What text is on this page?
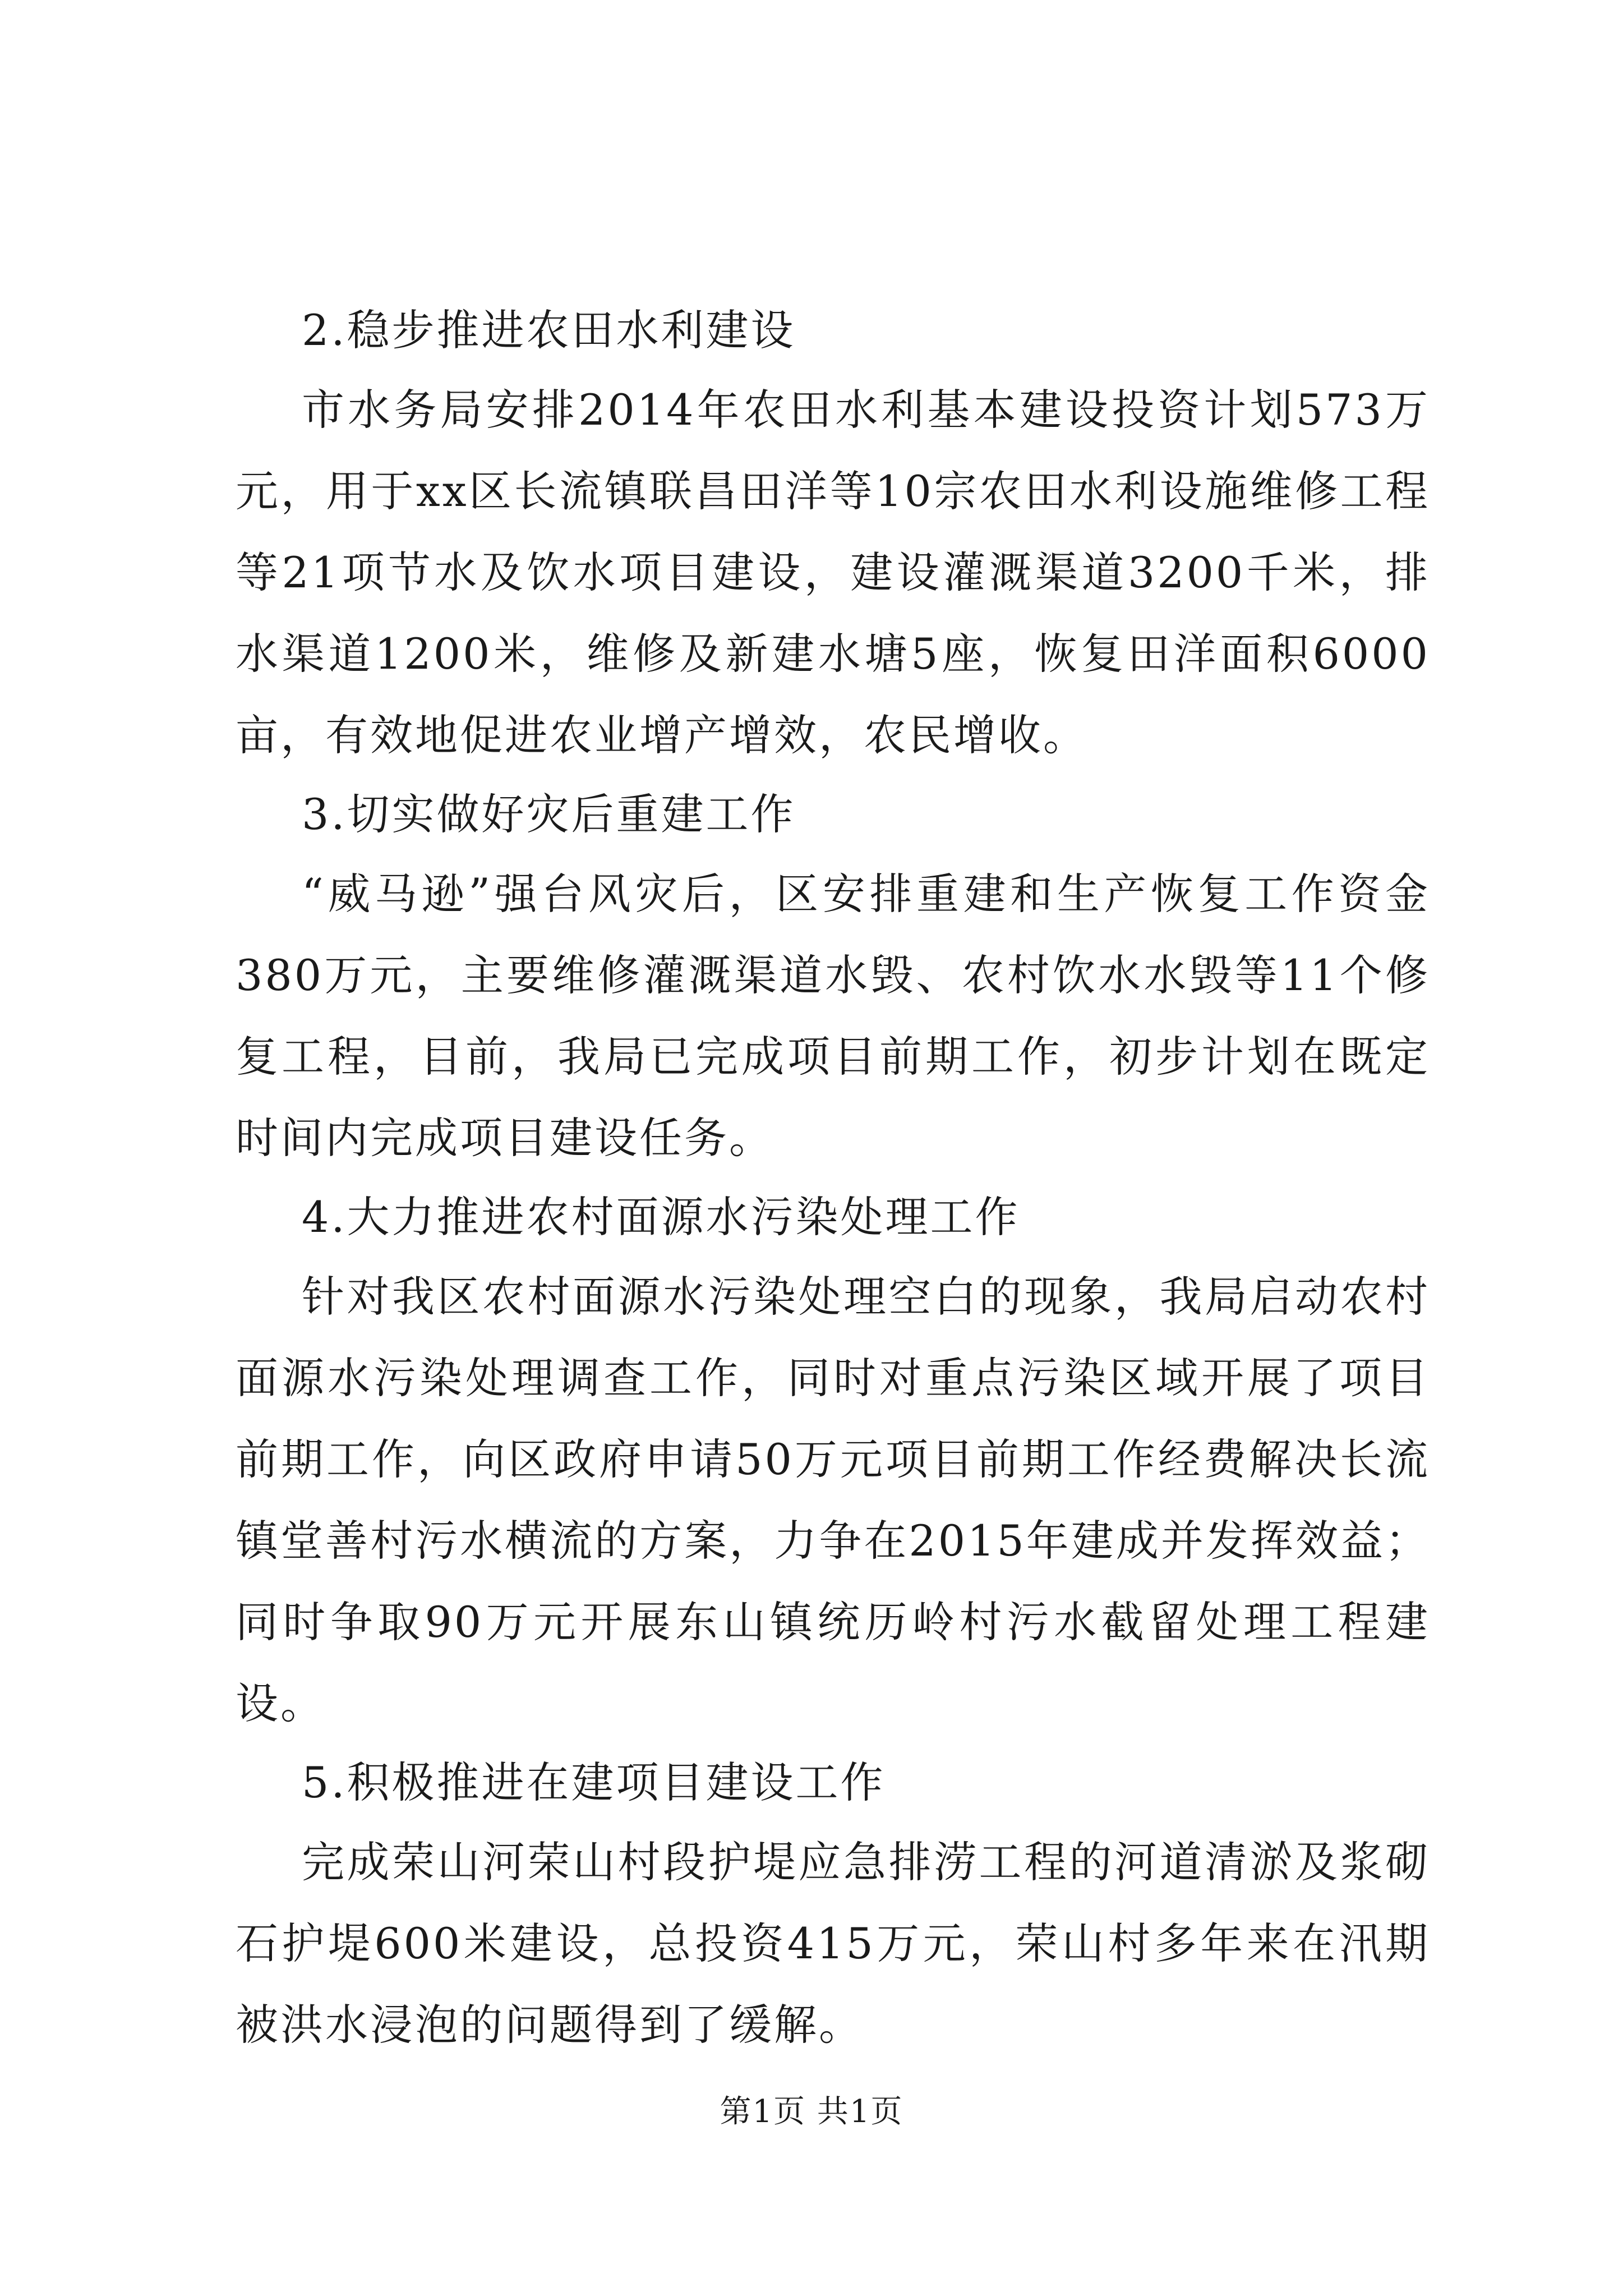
2.稳步推进农田水利建设

市水务局安排2014年农田水利基本建设投资计划573万元，用于xx区长流镇联昌田洋等10宗农田水利设施维修工程等21项节水及饮水项目建设，建设灌溉渠道3200千米，排水渠道1200米，维修及新建水塘5座，恢复田洋面积6000亩，有效地促进农业增产增效，农民增收。

3.切实做好灾后重建工作

“威马逊”强台风灾后，区安排重建和生产恢复工作资金380万元，主要维修灌溉渠道水毁、农村饮水水毁等11个修复工程，目前，我局已完成项目前期工作，初步计划在既定时间内完成项目建设任务。

4.大力推进农村面源水污染处理工作

针对我区农村面源水污染处理空白的现象，我局启动农村面源水污染处理调查工作，同时对重点污染区域开展了项目前期工作，向区政府申请50万元项目前期工作经费解决长流镇堂善村污水横流的方案，力争在2015年建成并发挥效益；同时争取90万元开展东山镇统历岭村污水截留处理工程建设。

5.积极推进在建项目建设工作

完成荣山河荣山村段护堤应急排涝工程的河道清淤及浆砌石护堤600米建设，总投资415万元，荣山村多年来在汛期被洪水浸泡的问题得到了缓解。

第1页 共1页
